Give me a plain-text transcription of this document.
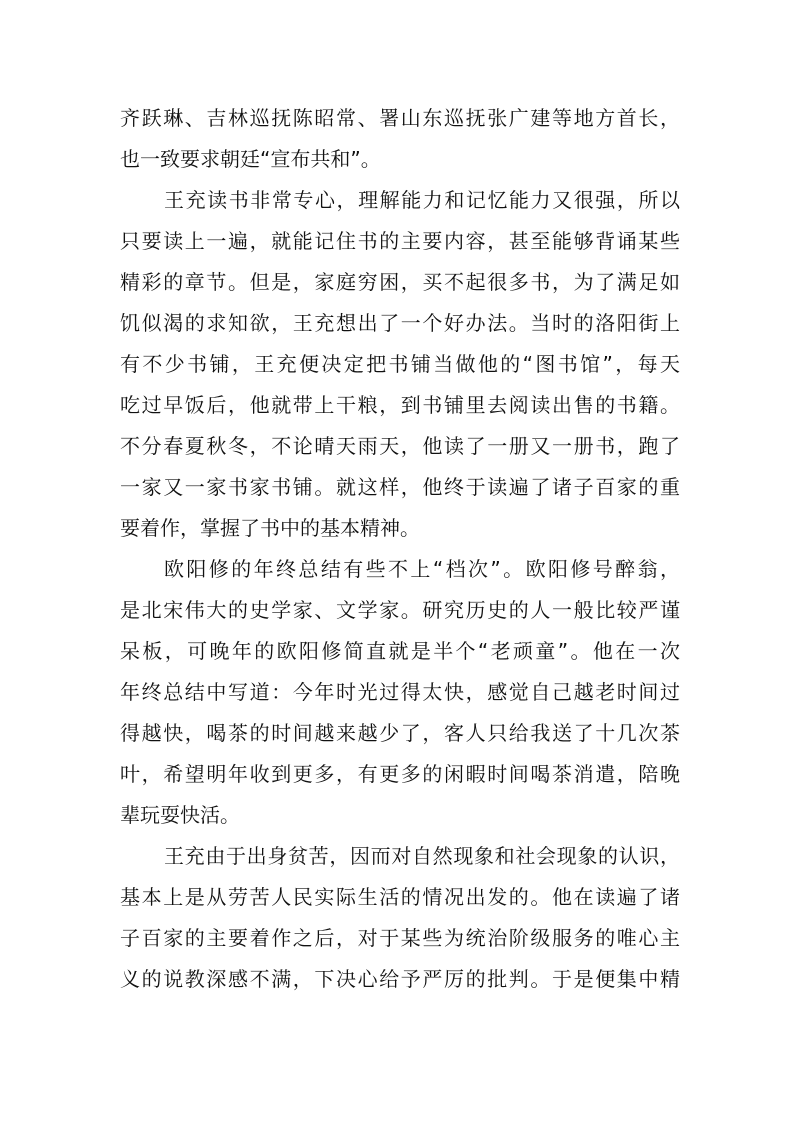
齐跃琳、吉林巡抚陈昭常、署山东巡抚张广建等地方首长，
也一致要求朝廷“宣布共和”。
王充读书非常专心，理解能力和记忆能力又很强，所以
只要读上一遍，就能记住书的主要内容，甚至能够背诵某些
精彩的章节。但是，家庭穷困，买不起很多书，为了满足如
饥似渴的求知欲，王充想出了一个好办法。当时的洛阳街上
有不少书铺，王充便决定把书铺当做他的“图书馆”，每天
吃过早饭后，他就带上干粮，到书铺里去阅读出售的书籍。
不分春夏秋冬，不论晴天雨天，他读了一册又一册书，跑了
一家又一家书家书铺。就这样，他终于读遍了诸子百家的重
要着作，掌握了书中的基本精神。
欧阳修的年终总结有些不上“档次”。欧阳修号醉翁，
是北宋伟大的史学家、文学家。研究历史的人一般比较严谨
呆板，可晚年的欧阳修简直就是半个“老顽童”。他在一次
年终总结中写道：今年时光过得太快，感觉自己越老时间过
得越快，喝茶的时间越来越少了，客人只给我送了十几次茶
叶，希望明年收到更多，有更多的闲暇时间喝茶消遣，陪晚
辈玩耍快活。
王充由于出身贫苦，因而对自然现象和社会现象的认识，
基本上是从劳苦人民实际生活的情况出发的。他在读遍了诸
子百家的主要着作之后，对于某些为统治阶级服务的唯心主
义的说教深感不满，下决心给予严厉的批判。于是便集中精
